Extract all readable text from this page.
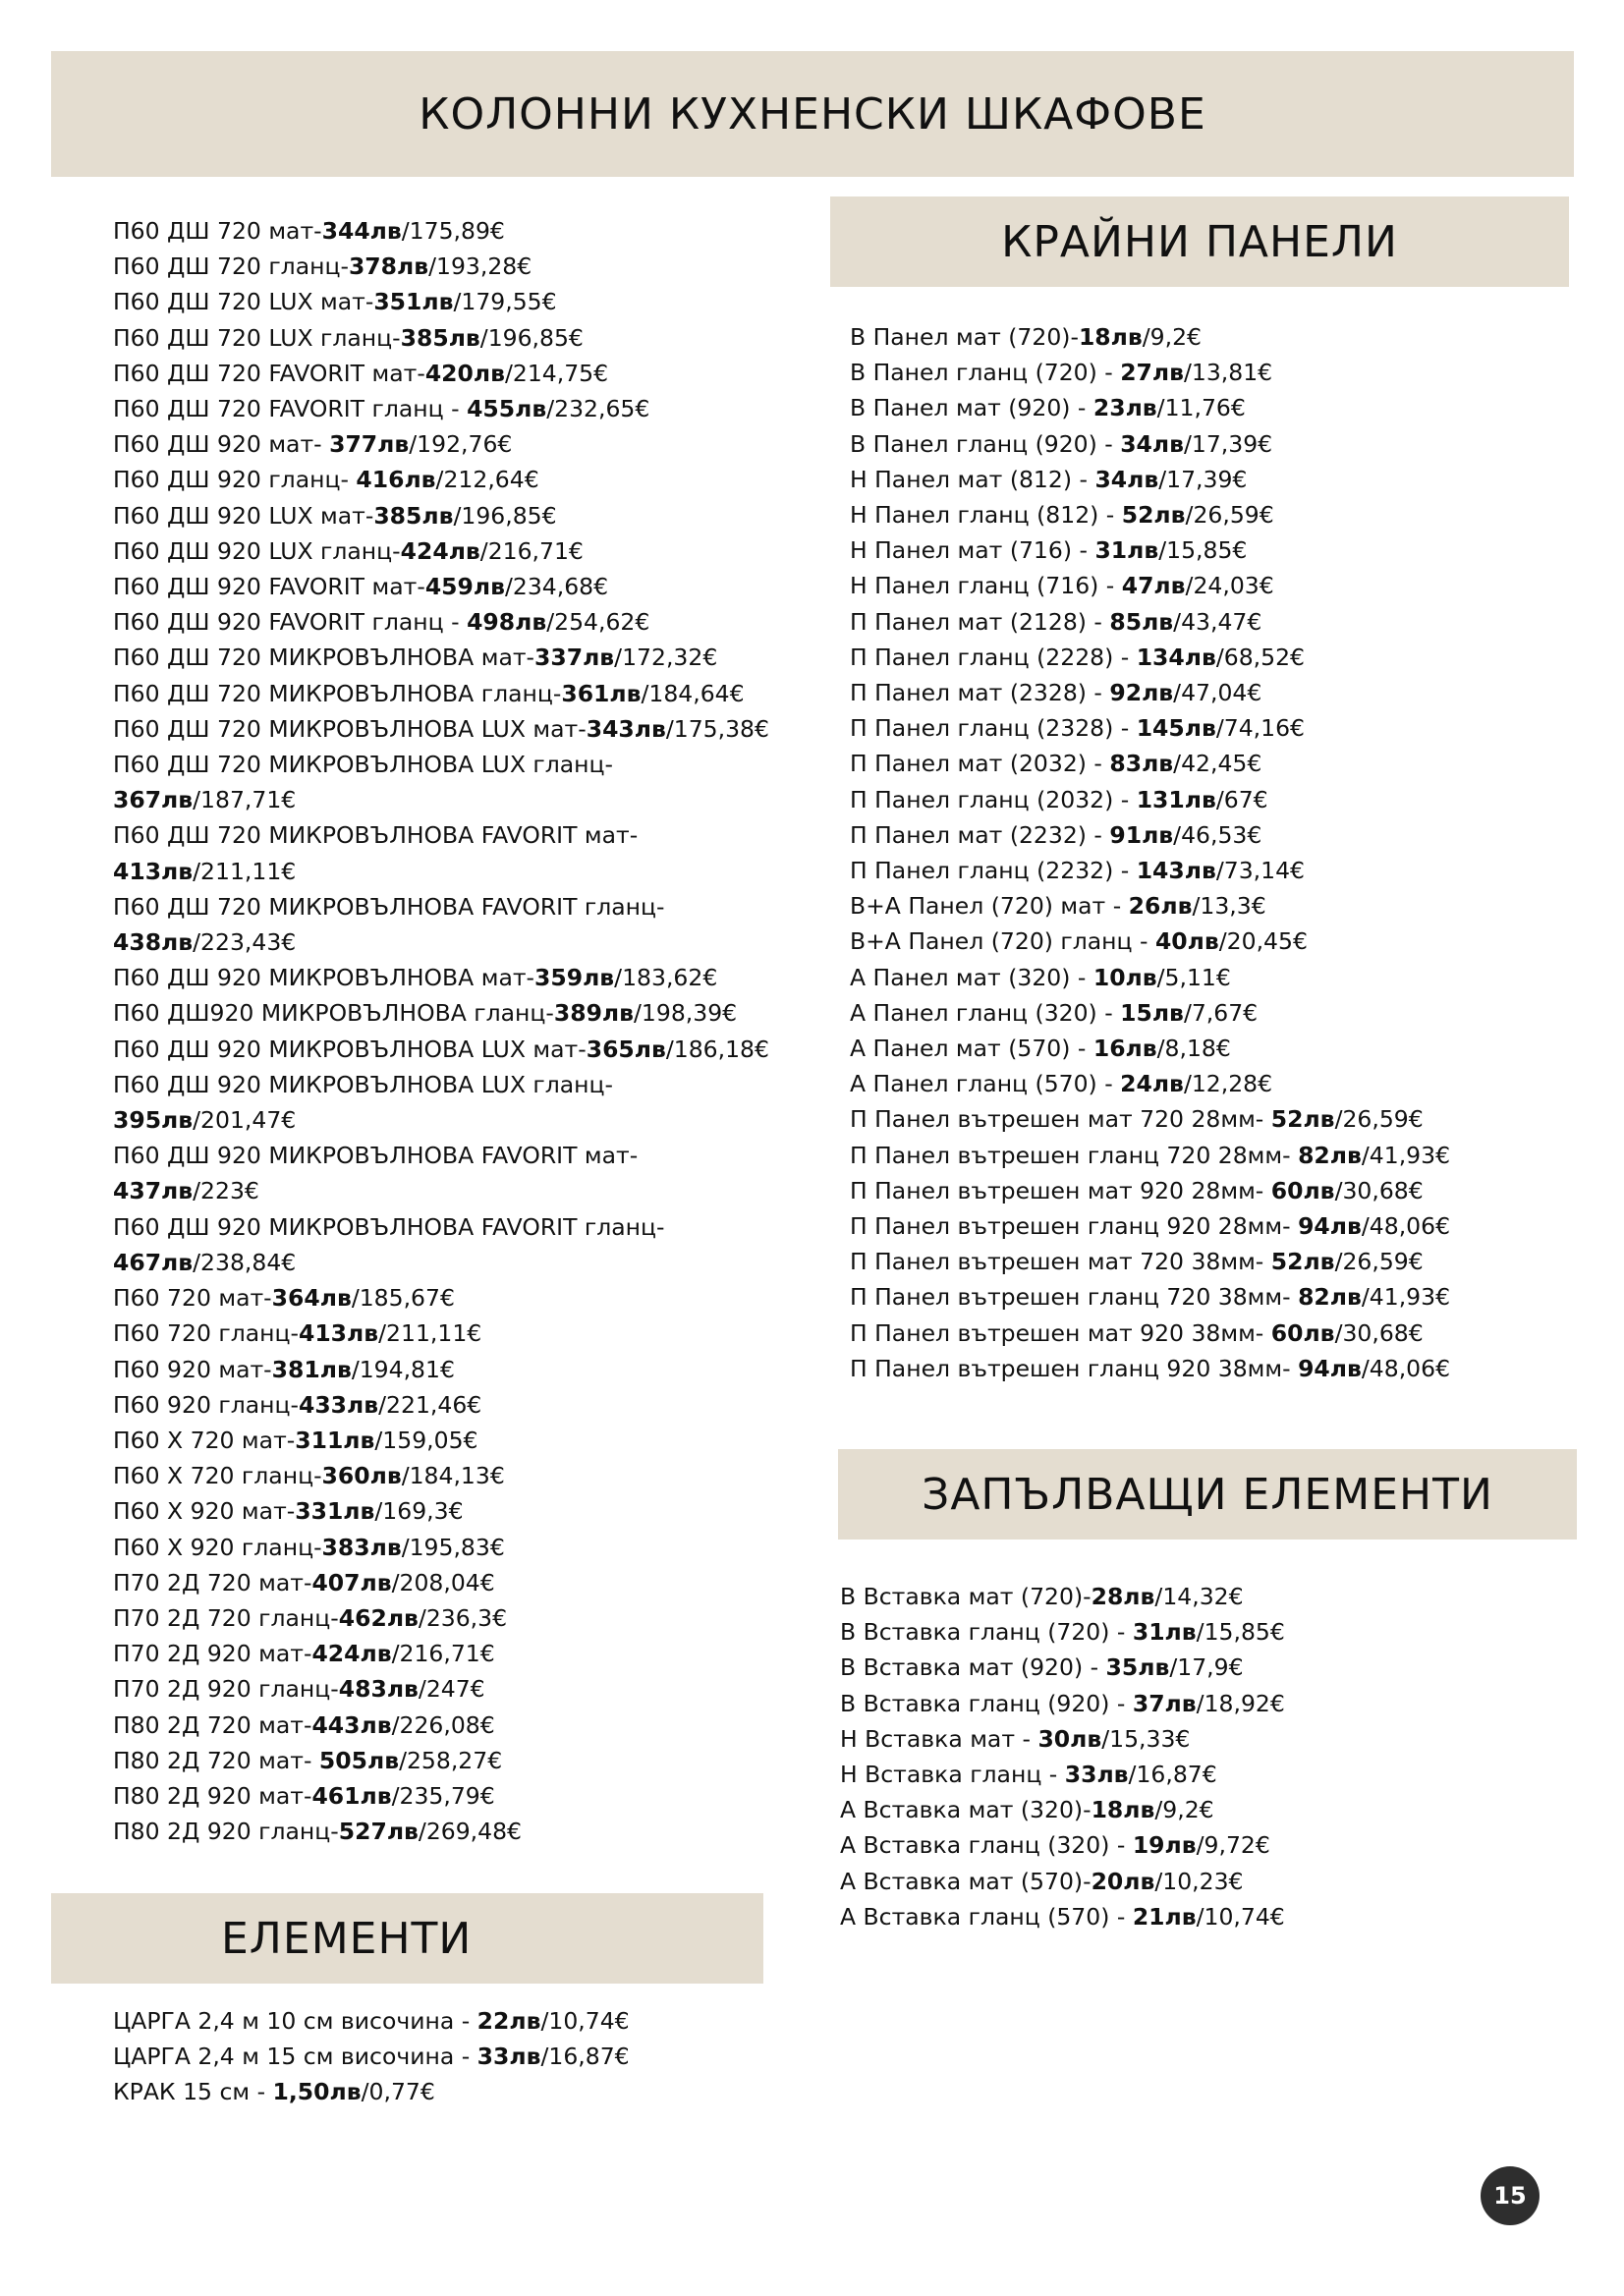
КОЛОННИ КУХНЕНСКИ ШКАФОВЕ
П60 ДШ 720 мат-344лв/175,89€
П60 ДШ 720 гланц-378лв/193,28€
П60 ДШ 720 LUX мат-351лв/179,55€
П60 ДШ 720 LUX гланц-385лв/196,85€
П60 ДШ 720 FAVORIT мат-420лв/214,75€
П60 ДШ 720 FAVORIT гланц - 455лв/232,65€
П60 ДШ 920 мат- 377лв/192,76€
П60 ДШ 920 гланц- 416лв/212,64€
П60 ДШ 920 LUX мат-385лв/196,85€
П60 ДШ 920 LUX гланц-424лв/216,71€
П60 ДШ 920 FAVORIT мат-459лв/234,68€
П60 ДШ 920 FAVORIT гланц - 498лв/254,62€
П60 ДШ 720 МИКРОВЪЛНОВА мат-337лв/172,32€
П60 ДШ 720 МИКРОВЪЛНОВА гланц-361лв/184,64€
П60 ДШ 720 МИКРОВЪЛНОВА LUX мат-343лв/175,38€
П60 ДШ 720 МИКРОВЪЛНОВА LUX гланц-
367лв/187,71€
П60 ДШ 720 МИКРОВЪЛНОВА FAVORIT мат-
413лв/211,11€
П60 ДШ 720 МИКРОВЪЛНОВА FAVORIT гланц-
438лв/223,43€
П60 ДШ 920 МИКРОВЪЛНОВА мат-359лв/183,62€
П60 ДШ920 МИКРОВЪЛНОВА гланц-389лв/198,39€
П60 ДШ 920 МИКРОВЪЛНОВА LUX мат-365лв/186,18€
П60 ДШ 920 МИКРОВЪЛНОВА LUX гланц-
395лв/201,47€
П60 ДШ 920 МИКРОВЪЛНОВА FAVORIT мат-
437лв/223€
П60 ДШ 920 МИКРОВЪЛНОВА FAVORIT гланц-
467лв/238,84€
П60 720 мат-364лв/185,67€
П60 720 гланц-413лв/211,11€
П60 920 мат-381лв/194,81€
П60 920 гланц-433лв/221,46€
П60 Х 720 мат-311лв/159,05€
П60 Х 720 гланц-360лв/184,13€
П60 Х 920 мат-331лв/169,3€
П60 Х 920 гланц-383лв/195,83€
П70 2Д 720 мат-407лв/208,04€
П70 2Д 720 гланц-462лв/236,3€
П70 2Д 920 мат-424лв/216,71€
П70 2Д 920 гланц-483лв/247€
П80 2Д 720 мат-443лв/226,08€
П80 2Д 720 мат- 505лв/258,27€
П80 2Д 920 мат-461лв/235,79€
П80 2Д 920 гланц-527лв/269,48€
КРАЙНИ ПАНЕЛИ
В Панел мат (720)-18лв/9,2€
В Панел гланц (720) - 27лв/13,81€
В Панел мат (920) - 23лв/11,76€
В Панел гланц (920) - 34лв/17,39€
Н Панел мат (812) - 34лв/17,39€
Н Панел гланц (812) - 52лв/26,59€
Н Панел мат (716) - 31лв/15,85€
Н Панел гланц (716) - 47лв/24,03€
П Панел мат (2128) - 85лв/43,47€
П Панел гланц (2228) - 134лв/68,52€
П Панел мат (2328) - 92лв/47,04€
П Панел гланц (2328) - 145лв/74,16€
П Панел мат (2032) - 83лв/42,45€
П Панел гланц (2032) - 131лв/67€
П Панел мат (2232) - 91лв/46,53€
П Панел гланц (2232) - 143лв/73,14€
В+А Панел (720) мат - 26лв/13,3€
В+А Панел (720) гланц - 40лв/20,45€
А Панел мат (320) - 10лв/5,11€
А Панел гланц (320) - 15лв/7,67€
А Панел мат (570) - 16лв/8,18€
А Панел гланц (570) - 24лв/12,28€
П Панел вътрешен мат 720 28мм- 52лв/26,59€
П Панел вътрешен гланц 720 28мм- 82лв/41,93€
П Панел вътрешен мат 920 28мм- 60лв/30,68€
П Панел вътрешен гланц 920 28мм- 94лв/48,06€
П Панел вътрешен мат 720 38мм- 52лв/26,59€
П Панел вътрешен гланц 720 38мм- 82лв/41,93€
П Панел вътрешен мат 920 38мм- 60лв/30,68€
П Панел вътрешен гланц 920 38мм- 94лв/48,06€
ЗАПЪЛВАЩИ ЕЛЕМЕНТИ
В Вставка мат (720)-28лв/14,32€
В Вставка гланц (720) - 31лв/15,85€
В Вставка мат (920) - 35лв/17,9€
В Вставка гланц (920) - 37лв/18,92€
Н Вставка мат - 30лв/15,33€
Н Вставка гланц - 33лв/16,87€
А Вставка мат (320)-18лв/9,2€
А Вставка гланц (320) - 19лв/9,72€
А Вставка мат (570)-20лв/10,23€
А Вставка гланц (570) - 21лв/10,74€
ЕЛЕМЕНТИ
ЦАРГА 2,4 м 10 см височина - 22лв/10,74€
ЦАРГА 2,4 м 15 см височина - 33лв/16,87€
КРАК 15 см - 1,50лв/0,77€
15
